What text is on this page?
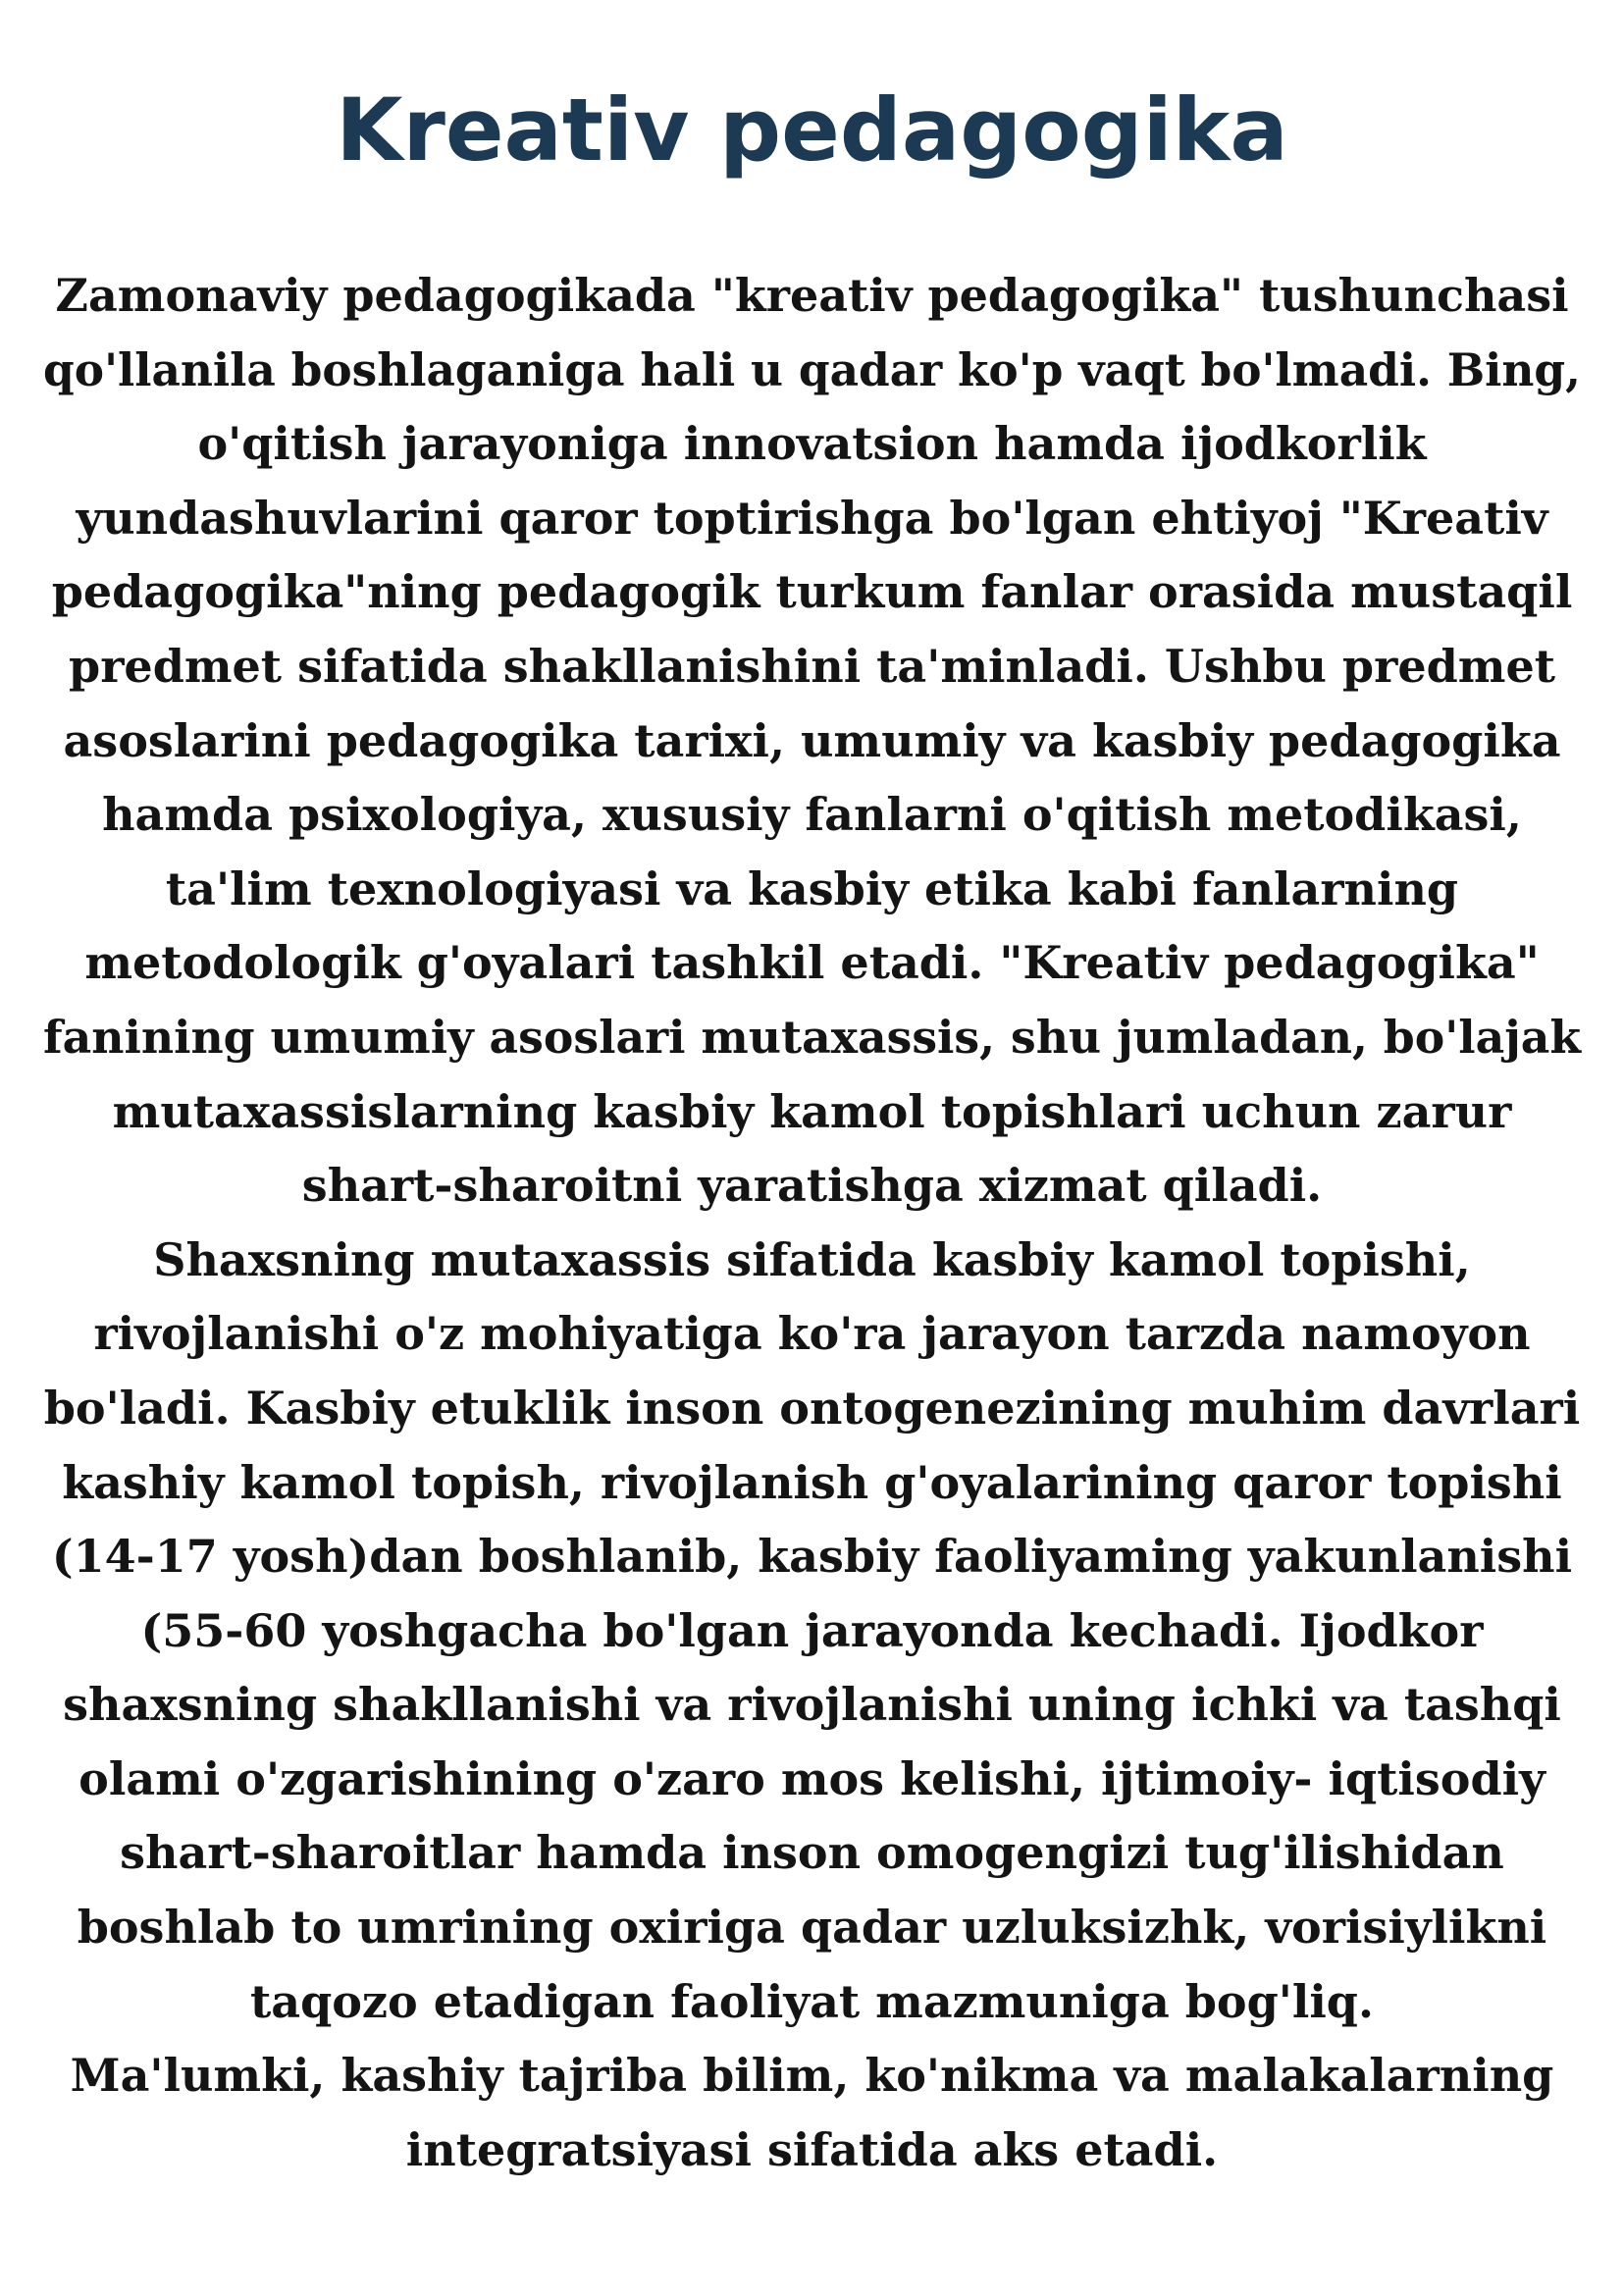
Kreativ pedagogika
Zamonaviy pedagogikada "kreativ pedagogika" tushunchasi
qo'llanila boshlaganiga hali u qadar ko'p vaqt bo'lmadi. Bing,
o'qitish jarayoniga innovatsion hamda ijodkorlik
yundashuvlarini qaror toptirishga bo'lgan ehtiyoj "Kreativ
pedagogika"ning pedagogik turkum fanlar orasida mustaqil
predmet sifatida shakllanishini ta'minladi. Ushbu predmet
asoslarini pedagogika tarixi, umumiy va kasbiy pedagogika
hamda psixologiya, xususiy fanlarni o'qitish metodikasi,
ta'lim texnologiyasi va kasbiy etika kabi fanlarning
metodologik g'oyalari tashkil etadi. "Kreativ pedagogika"
fanining umumiy asoslari mutaxassis, shu jumladan, bo'lajak
mutaxassislarning kasbiy kamol topishlari uchun zarur
shart-sharoitni yaratishga xizmat qiladi.
Shaxsning mutaxassis sifatida kasbiy kamol topishi,
rivojlanishi o'z mohiyatiga ko'ra jarayon tarzda namoyon
bo'ladi. Kasbiy etuklik inson ontogenezining muhim davrlari
kashiy kamol topish, rivojlanish g'oyalarining qaror topishi
(14-17 yosh)dan boshlanib, kasbiy faoliyaming yakunlanishi
(55-60 yoshgacha bo'lgan jarayonda kechadi. Ijodkor
shaxsning shakllanishi va rivojlanishi uning ichki va tashqi
olami o'zgarishining o'zaro mos kelishi, ijtimoiy- iqtisodiy
shart-sharoitlar hamda inson omogengizi tug'ilishidan
boshlab to umrining oxiriga qadar uzluksizhk, vorisiylikni
taqozo etadigan faoliyat mazmuniga bog'liq.
Ma'lumki, kashiy tajriba bilim, ko'nikma va malakalarning
integratsiyasi sifatida aks etadi.
